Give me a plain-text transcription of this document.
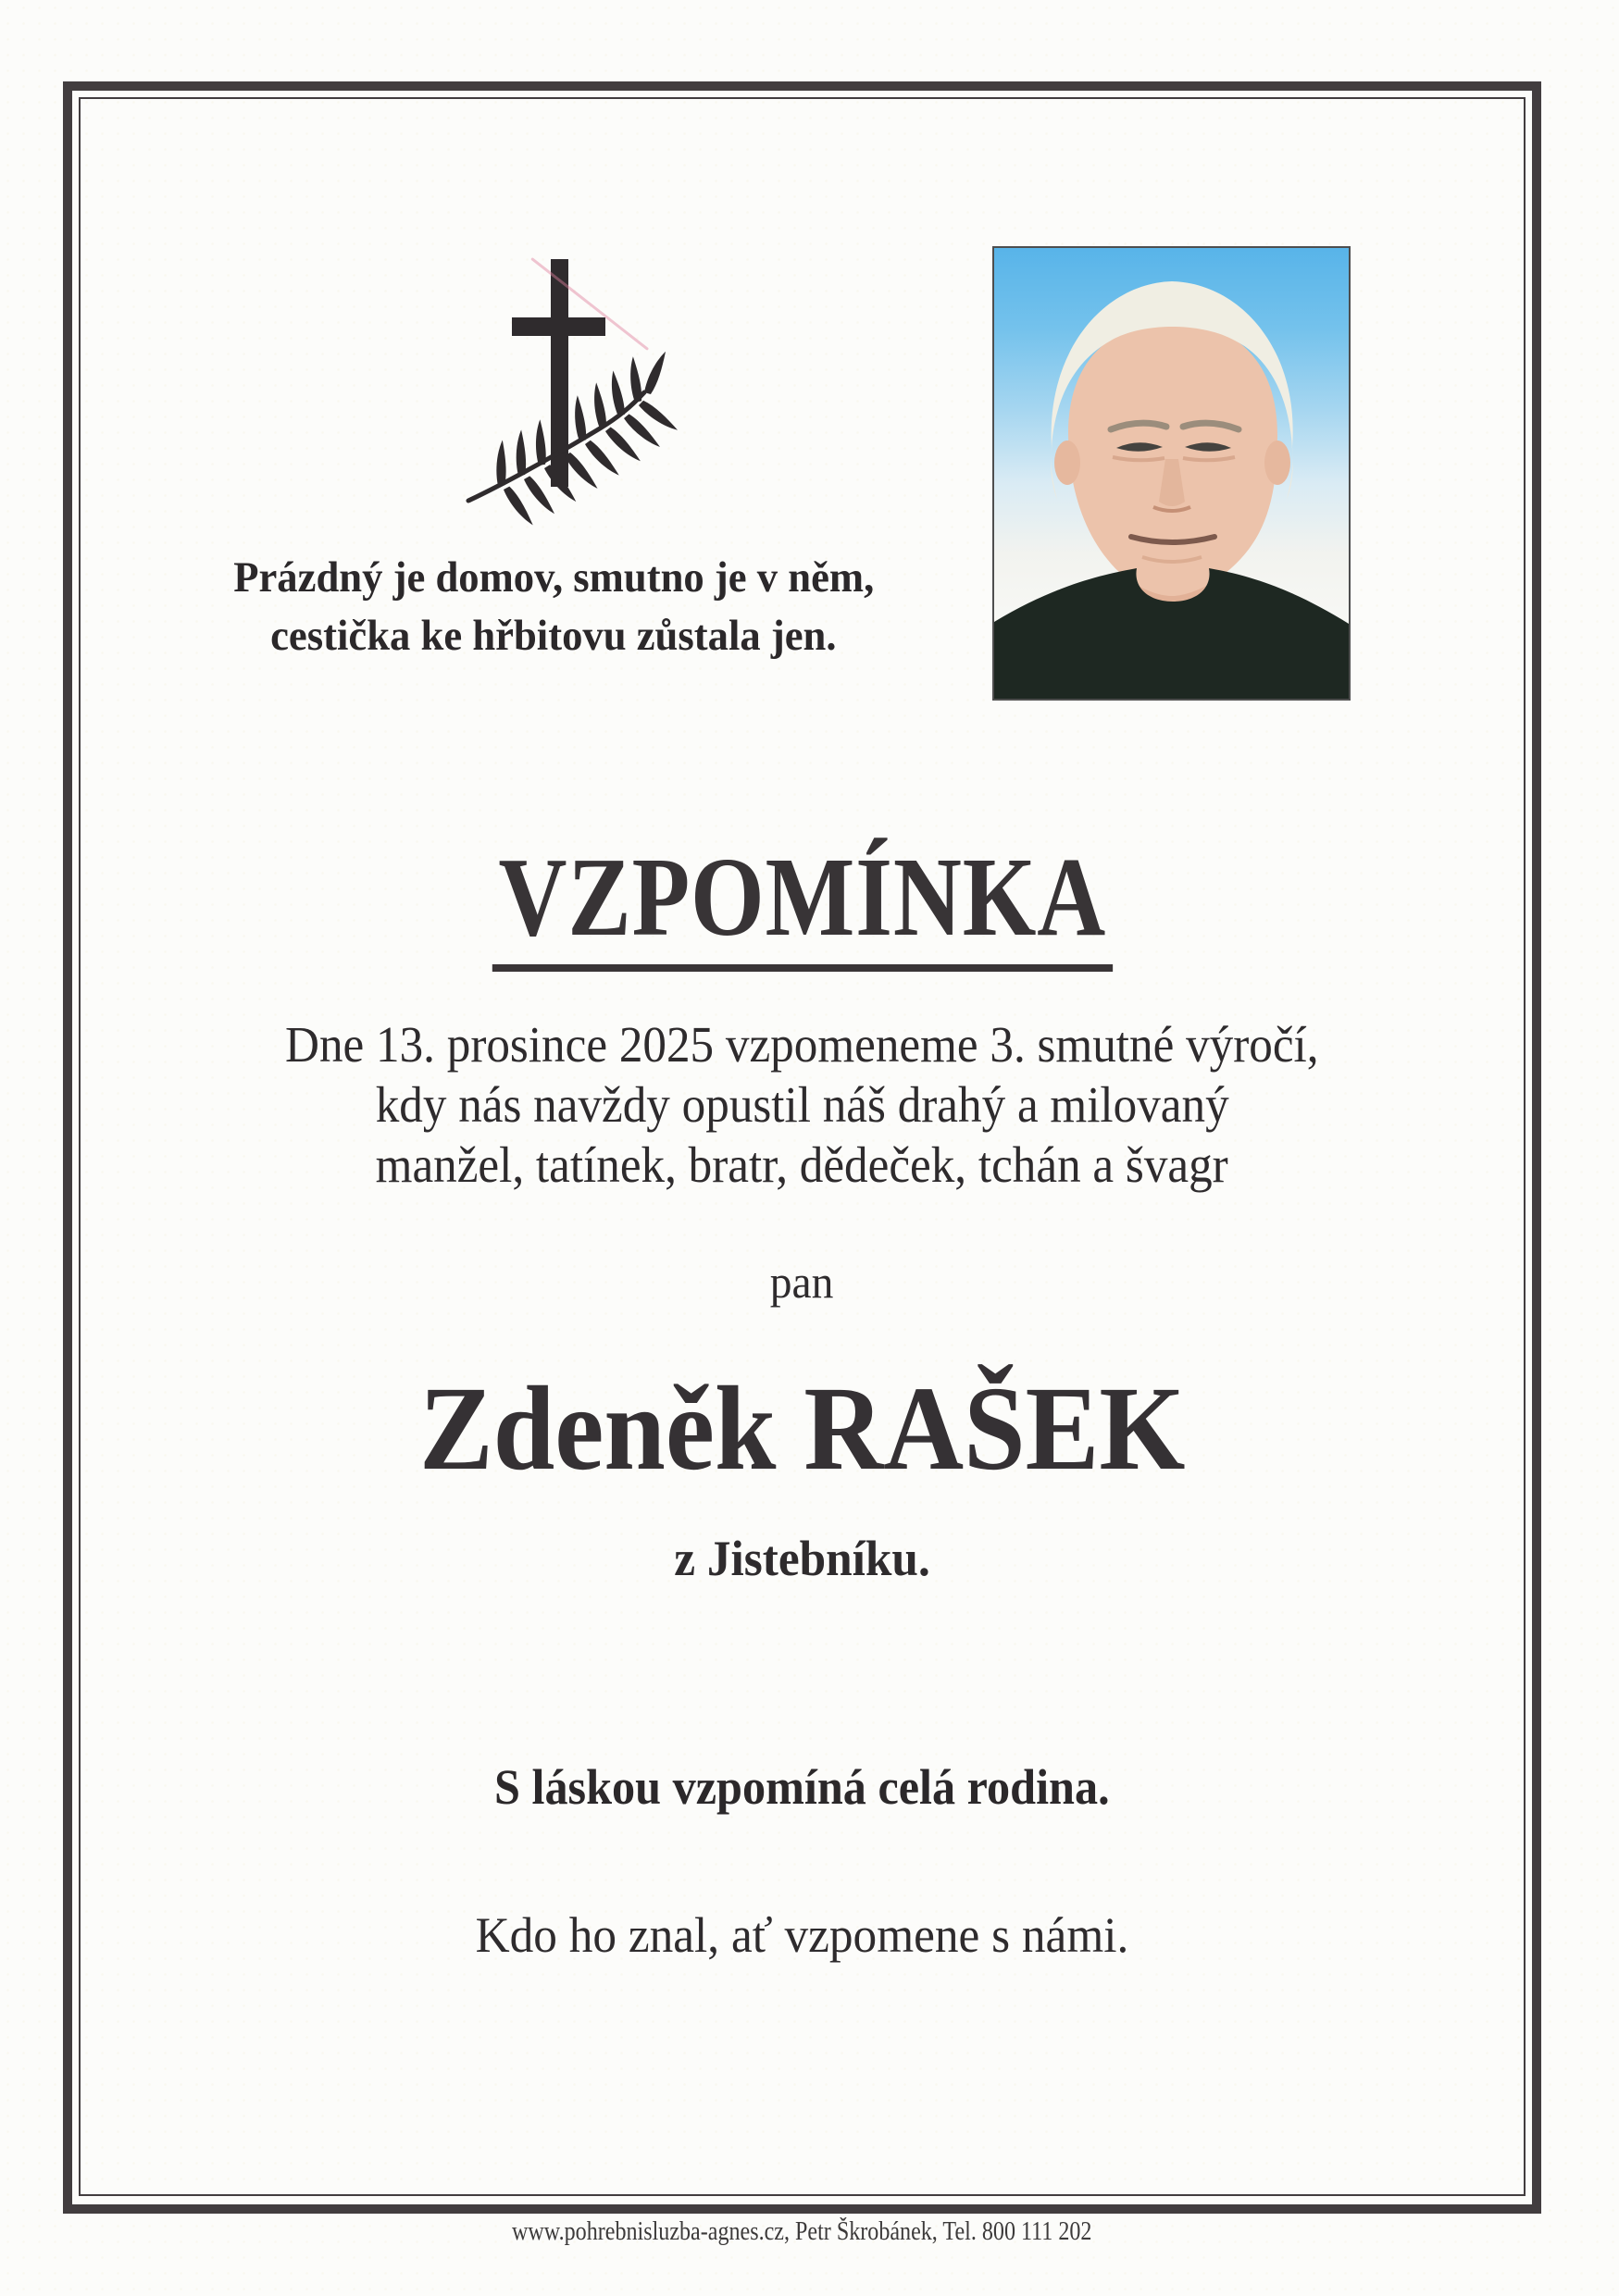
Prázdný je domov, smutno je v něm,

cestička ke hřbitovu zůstala jen.
VZPOMÍNKA
Dne 13. prosince 2025 vzpomeneme 3. smutné výročí,
kdy nás navždy opustil náš drahý a milovaný
manžel, tatínek, bratr, dědeček, tchán a švagr
pan
Zdeněk RAŠEK
z Jistebníku.
S láskou vzpomíná celá rodina.
Kdo ho znal, ať vzpomene s námi.
www.pohrebnisluzba-agnes.cz, Petr Škrobánek, Tel. 800 111 202
